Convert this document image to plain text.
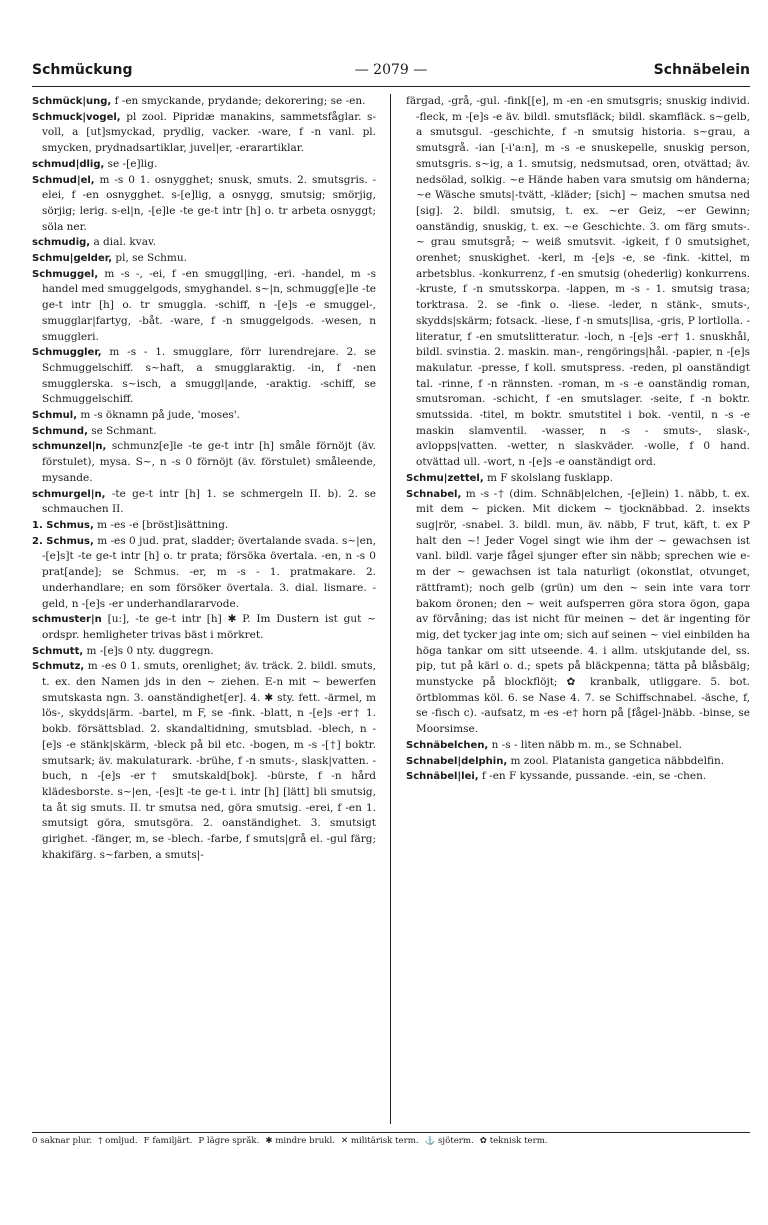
Schmückung	— 2079 —	Schnäbelein
Schmück|ung, f -en smyckande, prydande; dekorering; se -en.
Schmuck|vogel, pl zool. Pipridæ manakins, sammetsfåglar. s-voll, a [ut]smyckad, prydlig, vacker. -ware, f -n vanl. pl. smycken, prydnadsartiklar, juvel|er, -erarartiklar.
schmud|dlig, se -[e]lig.
Schmud|el, m -s 0 1. osnygghet; snusk, smuts. 2. smutsgris. -elei, f -en osnygghet. s-[e]lig, a osnygg, smutsig; smörjig, sörjig; lerig. s-el|n, -[e]le -te ge-t intr [h] o. tr arbeta osnyggt; söla ner.
schmudig, a dial. kvav.
Schmu|gelder, pl, se Schmu.
Schmuggel, m -s -, -ei, f -en smuggl|ing, -eri. -handel, m -s handel med smuggelgods, smyghandel. s~|n, schmugg[e]le -te ge-t intr [h] o. tr smuggla. -schiff, n -[e]s -e smuggel-, smugglar|fartyg, -båt. -ware, f -n smuggelgods. -wesen, n smuggleri.
Schmuggler, m -s - 1. smugglare, förr lurendrejare. 2. se Schmuggelschiff. s~haft, a smugglaraktig. -in, f -nen smugglerska. s~isch, a smuggl|ande, -araktig. -schiff, se Schmuggelschiff.
Schmul, m -s öknamn på jude, 'moses'.
Schmund, se Schmant.
schmunzel|n, schmunz[e]le -te ge-t intr [h] småle förnöjt (äv. förstulet), mysa. S~, n -s 0 förnöjt (äv. förstulet) småleende, mysande.
schmurgel|n, -te ge-t intr [h] 1. se schmergeln II. b). 2. se schmauchen II.
1. Schmus, m -es -e [bröst]isättning.
2. Schmus, m -es 0 jud. prat, sladder; övertalande svada. s~|en, -[e]s]t -te ge-t intr [h] o. tr prata; försöka övertala. -en, n -s 0 prat[ande]; se Schmus. -er, m -s - 1. pratmakare. 2. underhandlare; en som försöker övertala. 3. dial. lismare. -geld, n -[e]s -er underhandlararvode.
schmuster|n [u:], -te ge-t intr [h] ✱ P. Im Dustern ist gut ~ ordspr. hemligheter trivas bäst i mörkret.
Schmutt, m -[e]s 0 nty. duggregn.
Schmutz, m -es 0 1. smuts, orenlighet; äv. träck. 2. bildl. smuts, t. ex. den Namen jds in den ~ ziehen. E-n mit ~ bewerfen smutskasta ngn. 3. oanständighet[er]. 4. ✱ sty. fett. -ärmel, m lös-, skydds|ärm. -bartel, m F, se -fink. -blatt, n -[e]s -er† 1. bokb. försättsblad. 2. skandaltidning, smutsblad. -blech, n -[e]s -e stänk|skärm, -bleck på bil etc. -bogen, m -s -[†] boktr. smutsark; äv. makulaturark. -brühe, f -n smuts-, slask|vatten. -buch, n -[e]s -er† smutskald[bok]. -bürste, f -n hård klädesborste. s~|en, -[es]t -te ge-t i. intr [h] [lätt] bli smutsig, ta åt sig smuts. II. tr smutsa ned, göra smutsig. -erei, f -en 1. smutsigt göra, smutsgöra. 2. oanständighet. 3. smutsigt girighet. -fänger, m, se -blech. -farbe, f smuts|grå el. -gul färg; khakifärg. s~farben, a smuts|-
färgad, -grå, -gul. -fink[[e], m -en -en smutsgris; snuskig individ. -fleck, m -[e]s -e äv. bildl. smutsfläck; bildl. skamfläck. s~gelb, a smutsgul. -geschichte, f -n smutsig historia. s~grau, a smutsgrå. -ian [-i'a:n], m -s -e snuskepelle, snuskig person, smutsgris. s~ig, a 1. smutsig, nedsmutsad, oren, otvättad; äv. nedsölad, solkig. ~e Hände haben vara smutsig om händerna; ~e Wäsche smuts|-tvätt, -kläder; [sich] ~ machen smutsa ned [sig]. 2. bildl. smutsig, t. ex. ~er Geiz, ~er Gewinn; oanständig, snuskig, t. ex. ~e Geschichte. 3. om färg smuts-. ~ grau smutsgrå; ~ weiß smutsvit. -igkeit, f 0 smutsighet, orenhet; snuskighet. -kerl, m -[e]s -e, se -fink. -kittel, m arbetsblus. -konkurrenz, f -en smutsig (ohederlig) konkurrens. -kruste, f -n smutsskorpa. -lappen, m -s - 1. smutsig trasa; torktrasa. 2. se -fink o. -liese. -leder, n stänk-, smuts-, skydds|skärm; fotsack. -liese, f -n smuts|lisa, -gris, P lortlolla. -literatur, f -en smutslitteratur. -loch, n -[e]s -er† 1. snuskhål, bildl. svinstia. 2. maskin. man-, rengörings|hål. -papier, n -[e]s makulatur. -presse, f koll. smutspress. -reden, pl oanständigt tal. -rinne, f -n rännsten. -roman, m -s -e oanständig roman, smutsroman. -schicht, f -en smutslager. -seite, f -n boktr. smutssida. -titel, m boktr. smutstitel i bok. -ventil, n -s -e maskin slamventil. -wasser, n -s - smuts-, slask-, avlopps|vatten. -wetter, n slaskväder. -wolle, f 0 hand. otvättad ull. -wort, n -[e]s -e oanständigt ord.
Schmu|zettel, m F skolslang fusklapp.
Schnabel, m -s -† (dim. Schnäb|elchen, -[e]lein) 1. näbb, t. ex. mit dem ~ picken. Mit dickem ~ tjocknäbbad. 2. insekts sug|rör, -snabel. 3. bildl. mun, äv. näbb, F trut, käft, t. ex P halt den ~! Jeder Vogel singt wie ihm der ~ gewachsen ist vanl. bildl. varje fågel sjunger efter sin näbb; sprechen wie e-m der ~ gewachsen ist tala naturligt (okonstlat, otvunget, rättframt); noch gelb (grün) um den ~ sein inte vara torr bakom öronen; den ~ weit aufsperren göra stora ögon, gapa av förvåning; das ist nicht für meinen ~ det är ingenting för mig, det tycker jag inte om; sich auf seinen ~ viel einbilden ha höga tankar om sitt utseende. 4. i allm. utskjutande del, ss. pip, tut på kärl o. d.; spets på bläckpenna; tätta på blåsbälg; munstycke på blockflöjt; ✿ kranbalk, utliggare. 5. bot. örtblommas köl. 6. se Nase 4. 7. se Schiffschnabel. -äsche, f, se -fisch c). -aufsatz, m -es -e† horn på [fågel-]näbb. -binse, se Moorsimse.
Schnäbelchen, n -s - liten näbb m. m., se Schnabel.
Schnabel|delphin, m zool. Platanista gangetica näbbdelfin.
Schnäbel|lei, f -en F kyssande, pussande. -ein, se -chen.
0 saknar plur. † omljud. F familjärt. P lägre språk. ✱ mindre brukl. ✕ militärisk term. ⚓ sjöterm. ✿ teknisk term.
